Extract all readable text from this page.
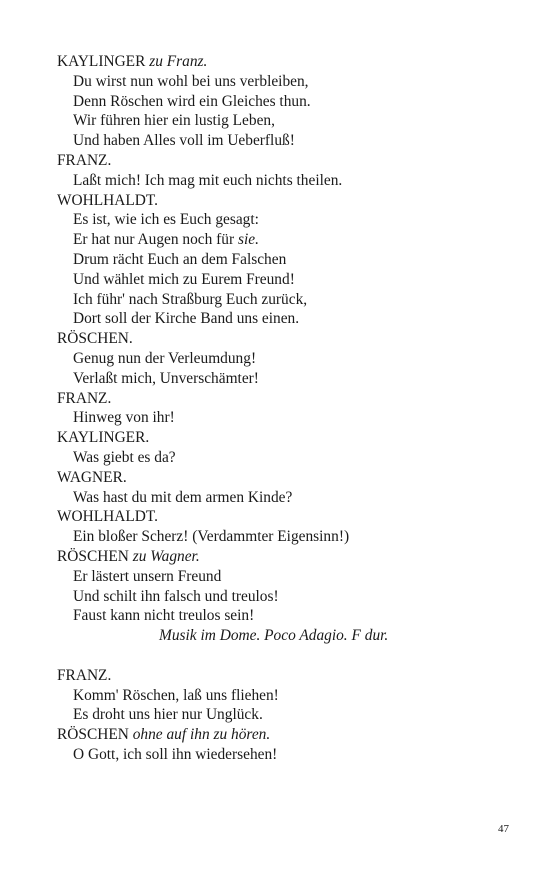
KAYLINGER zu Franz.
Du wirst nun wohl bei uns verbleiben,
Denn Röschen wird ein Gleiches thun.
Wir führen hier ein lustig Leben,
Und haben Alles voll im Ueberfluß!
FRANZ.
Laßt mich! Ich mag mit euch nichts theilen.
WOHLHALDT.
Es ist, wie ich es Euch gesagt:
Er hat nur Augen noch für sie.
Drum rächt Euch an dem Falschen
Und wählet mich zu Eurem Freund!
Ich führ' nach Straßburg Euch zurück,
Dort soll der Kirche Band uns einen.
RÖSCHEN.
Genug nun der Verleumdung!
Verlaßt mich, Unverschämter!
FRANZ.
Hinweg von ihr!
KAYLINGER.
Was giebt es da?
WAGNER.
Was hast du mit dem armen Kinde?
WOHLHALDT.
Ein bloßer Scherz! (Verdammter Eigensinn!)
RÖSCHEN zu Wagner.
Er lästert unsern Freund
Und schilt ihn falsch und treulos!
Faust kann nicht treulos sein!
Musik im Dome. Poco Adagio. F dur.
FRANZ.
Komm' Röschen, laß uns fliehen!
Es droht uns hier nur Unglück.
RÖSCHEN ohne auf ihn zu hören.
O Gott, ich soll ihn wiedersehen!
47
